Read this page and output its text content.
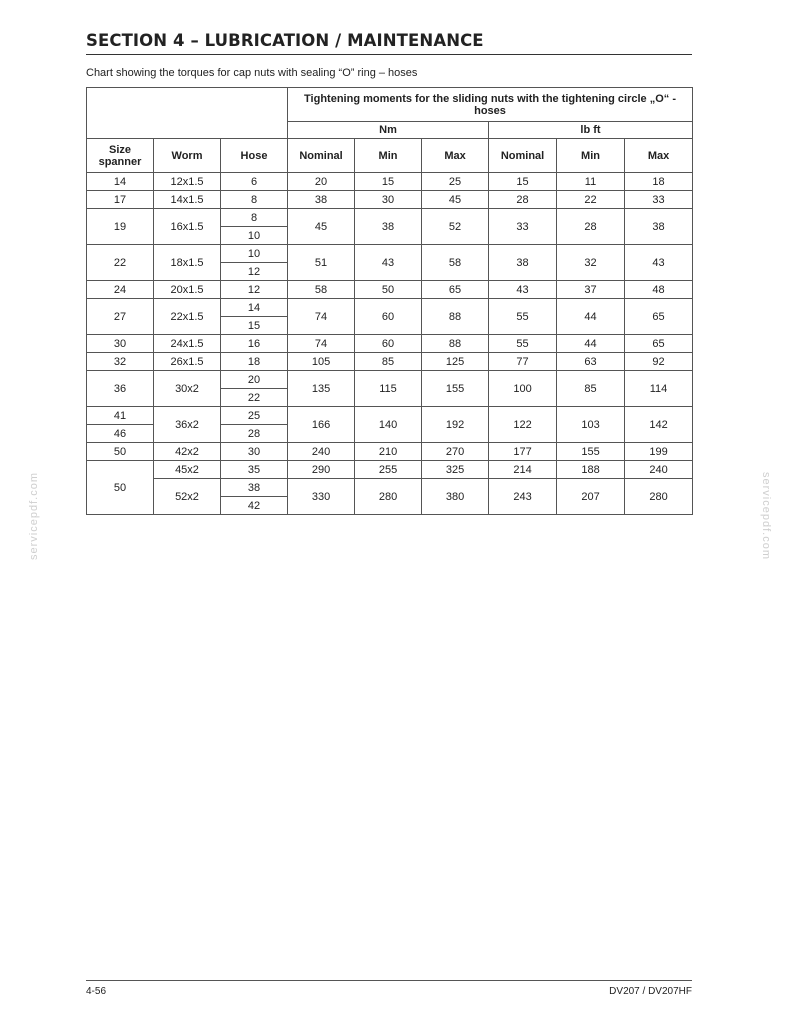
SECTION 4 – LUBRICATION / MAINTENANCE
Chart showing the torques for cap nuts with sealing “O” ring – hoses
			Tightening moments for the sliding nuts with the tightening circle „O“ - hoses					
			Nm			lb ft		
Size spanner	Worm	Hose	Nominal	Min	Max	Nominal	Min	Max
14	12x1.5	6	20	15	25	15	11	18
17	14x1.5	8	38	30	45	28	22	33
19	16x1.5	8	45	38	52	33	28	38
		10						
22	18x1.5	10	51	43	58	38	32	43
		12						
24	20x1.5	12	58	50	65	43	37	48
27	22x1.5	14	74	60	88	55	44	65
		15						
30	24x1.5	16	74	60	88	55	44	65
32	26x1.5	18	105	85	125	77	63	92
36	30x2	20	135	115	155	100	85	114
		22						
41	36x2	25	166	140	192	122	103	142
46		28						
50	42x2	30	240	210	270	177	155	199
50	45x2	35	290	255	325	214	188	240
	52x2	38	330	280	380	243	207	280
		42						
servicepdf.com	servicepdf.com
4-56	DV207 / DV207HF
